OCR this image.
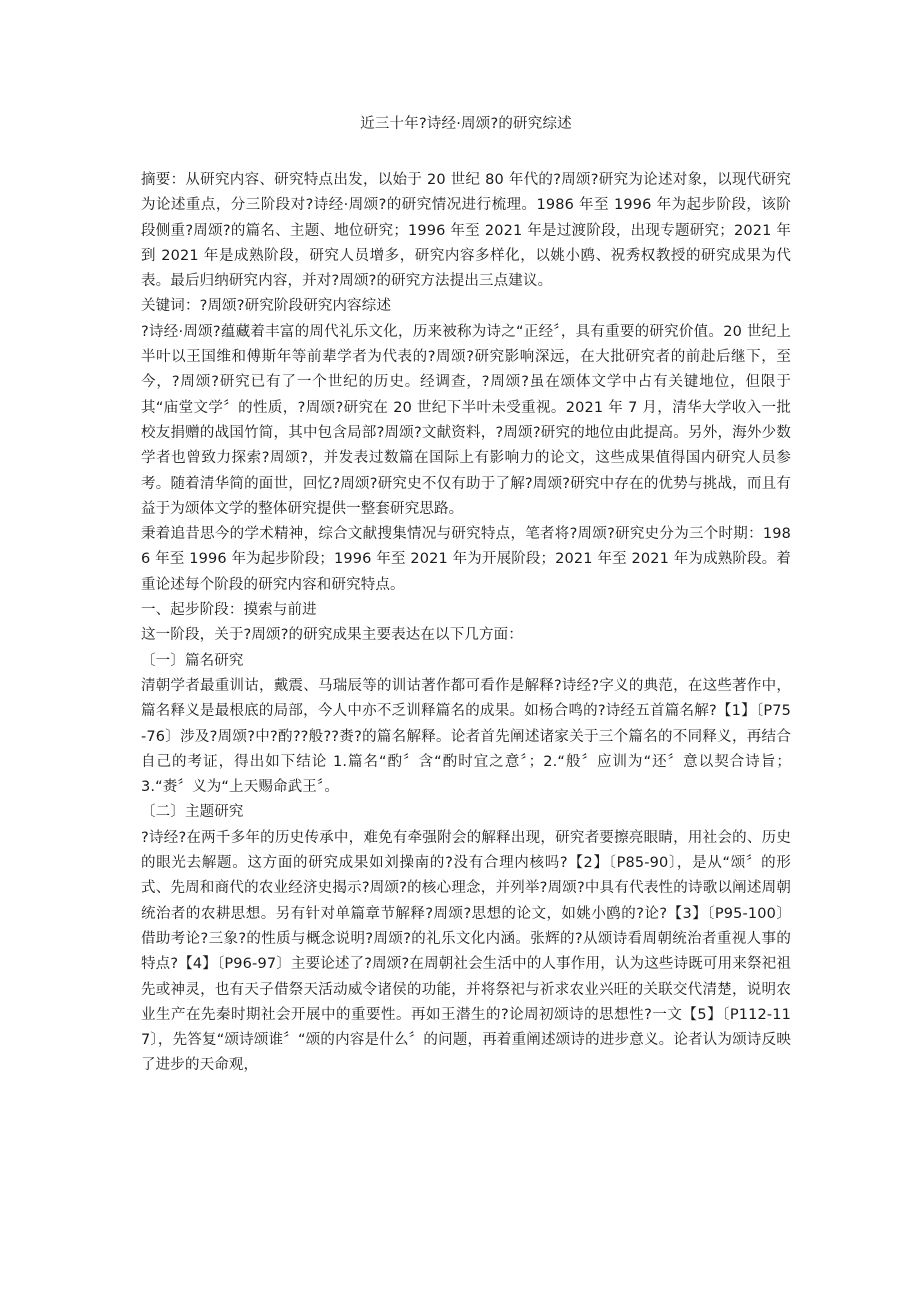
近三十年?诗经·周颂?的研究综述

摘要：从研究内容、研究特点出发，以始于 20 世纪 80 年代的?周颂?研究为论述对象，以现代研究为论述重点，分三阶段对?诗经·周颂?的研究情况进行梳理。1986 年至 1996 年为起步阶段，该阶段侧重?周颂?的篇名、主题、地位研究；1996 年至 2021 年是过渡阶段，出现专题研究；2021 年到 2021 年是成熟阶段，研究人员增多，研究内容多样化，以姚小鸥、祝秀权教授的研究成果为代表。最后归纳研究内容，并对?周颂?的研究方法提出三点建议。

关键词：?周颂?研究阶段研究内容综述

?诗经·周颂?蕴藏着丰富的周代礼乐文化，历来被称为诗之“正经〞，具有重要的研究价值。20 世纪上半叶以王国维和傅斯年等前辈学者为代表的?周颂?研究影响深远，在大批研究者的前赴后继下，至今，?周颂?研究已有了一个世纪的历史。经调查，?周颂?虽在颂体文学中占有关键地位，但限于其“庙堂文学〞的性质，?周颂?研究在 20 世纪下半叶未受重视。2021 年 7 月，清华大学收入一批校友捐赠的战国竹简，其中包含局部?周颂?文献资料，?周颂?研究的地位由此提高。另外，海外少数学者也曾致力探索?周颂?，并发表过数篇在国际上有影响力的论文，这些成果值得国内研究人员参考。随着清华简的面世，回忆?周颂?研究史不仅有助于了解?周颂?研究中存在的优势与挑战，而且有益于为颂体文学的整体研究提供一整套研究思路。

秉着追昔思今的学术精神，综合文献搜集情况与研究特点，笔者将?周颂?研究史分为三个时期：1986 年至 1996 年为起步阶段；1996 年至 2021 年为开展阶段；2021 年至 2021 年为成熟阶段。着重论述每个阶段的研究内容和研究特点。

一、起步阶段：摸索与前进

这一阶段，关于?周颂?的研究成果主要表达在以下几方面：

〔一〕篇名研究

清朝学者最重训诂，戴震、马瑞辰等的训诂著作都可看作是解释?诗经?字义的典范，在这些著作中，篇名释义是最根底的局部，今人中亦不乏训释篇名的成果。如杨合鸣的?诗经五首篇名解?【1】〔P75-76〕涉及?周颂?中?酌??般??赉?的篇名解释。论者首先阐述诸家关于三个篇名的不同释义，再结合自己的考证，得出如下结论 1.篇名“酌〞含“酌时宜之意〞；2.“般〞应训为“还〞意以契合诗旨；3.“赉〞义为“上天赐命武王〞。

〔二〕主题研究

?诗经?在两千多年的历史传承中，难免有牵强附会的解释出现，研究者要擦亮眼睛，用社会的、历史的眼光去解题。这方面的研究成果如刘操南的?没有合理内核吗?【2】〔P85-90〕，是从“颂〞的形式、先周和商代的农业经济史揭示?周颂?的核心理念，并列举?周颂?中具有代表性的诗歌以阐述周朝统治者的农耕思想。另有针对单篇章节解释?周颂?思想的论文，如姚小鸥的?论?【3】〔P95-100〕借助考论?三象?的性质与概念说明?周颂?的礼乐文化内涵。张辉的?从颂诗看周朝统治者重视人事的特点?【4】〔P96-97〕主要论述了?周颂?在周朝社会生活中的人事作用，认为这些诗既可用来祭祀祖先或神灵，也有天子借祭天活动威令诸侯的功能，并将祭祀与祈求农业兴旺的关联交代清楚，说明农业生产在先秦时期社会开展中的重要性。再如王潜生的?论周初颂诗的思想性?一文【5】〔P112-117〕，先答复“颂诗颂谁〞“颂的内容是什么〞的问题，再着重阐述颂诗的进步意义。论者认为颂诗反映了进步的天命观，
